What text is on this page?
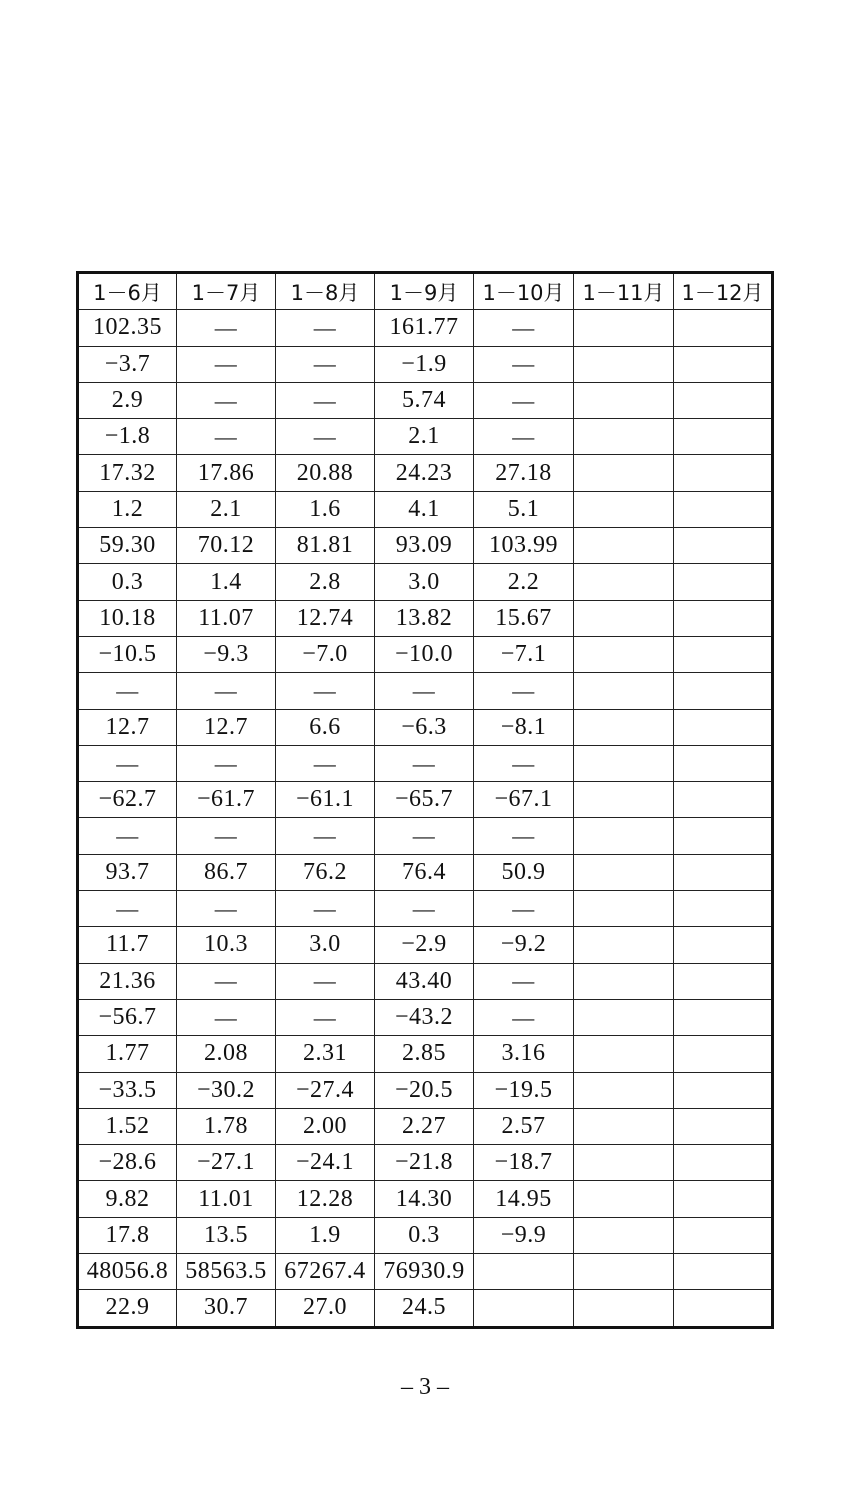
1－6月	1－7月	1－8月	1－9月	1－10月	1－11月	1－12月
102.35	—	—	161.77	—		
−3.7	—	—	−1.9	—		
2.9	—	—	5.74	—		
−1.8	—	—	2.1	—		
17.32	17.86	20.88	24.23	27.18		
1.2	2.1	1.6	4.1	5.1		
59.30	70.12	81.81	93.09	103.99		
0.3	1.4	2.8	3.0	2.2		
10.18	11.07	12.74	13.82	15.67		
−10.5	−9.3	−7.0	−10.0	−7.1		
—	—	—	—	—		
12.7	12.7	6.6	−6.3	−8.1		
—	—	—	—	—		
−62.7	−61.7	−61.1	−65.7	−67.1		
—	—	—	—	—		
93.7	86.7	76.2	76.4	50.9		
—	—	—	—	—		
11.7	10.3	3.0	−2.9	−9.2		
21.36	—	—	43.40	—		
−56.7	—	—	−43.2	—		
1.77	2.08	2.31	2.85	3.16		
−33.5	−30.2	−27.4	−20.5	−19.5		
1.52	1.78	2.00	2.27	2.57		
−28.6	−27.1	−24.1	−21.8	−18.7		
9.82	11.01	12.28	14.30	14.95		
17.8	13.5	1.9	0.3	−9.9		
48056.8	58563.5	67267.4	76930.9			
22.9	30.7	27.0	24.5			
– 3 –
